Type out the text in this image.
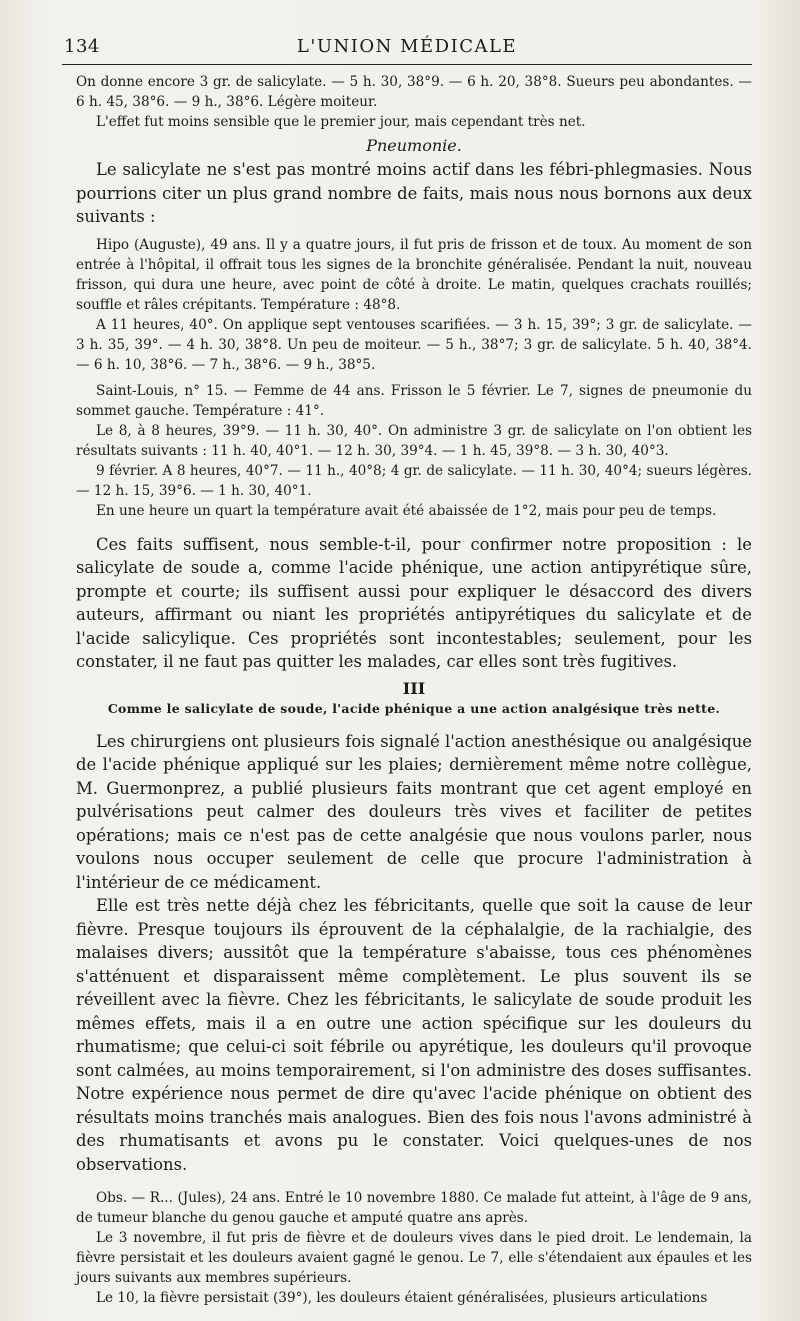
134	L'UNION MÉDICALE

On donne encore 3 gr. de salicylate. — 5 h. 30, 38°9. — 6 h. 20, 38°8. Sueurs peu abondantes. — 6 h. 45, 38°6. — 9 h., 38°6. Légère moiteur.

L'effet fut moins sensible que le premier jour, mais cependant très net.

Pneumonie.

Le salicylate ne s'est pas montré moins actif dans les fébri-phlegmasies. Nous pourrions citer un plus grand nombre de faits, mais nous nous bornons aux deux suivants :

Hipo (Auguste), 49 ans. Il y a quatre jours, il fut pris de frisson et de toux. Au moment de son entrée à l'hôpital, il offrait tous les signes de la bronchite généralisée. Pendant la nuit, nouveau frisson, qui dura une heure, avec point de côté à droite. Le matin, quelques crachats rouillés; souffle et râles crépitants. Température : 48°8.

A 11 heures, 40°. On applique sept ventouses scarifiées. — 3 h. 15, 39°; 3 gr. de salicylate. — 3 h. 35, 39°. — 4 h. 30, 38°8. Un peu de moiteur. — 5 h., 38°7; 3 gr. de salicylate. 5 h. 40, 38°4. — 6 h. 10, 38°6. — 7 h., 38°6. — 9 h., 38°5.

Saint-Louis, n° 15. — Femme de 44 ans. Frisson le 5 février. Le 7, signes de pneumonie du sommet gauche. Température : 41°.

Le 8, à 8 heures, 39°9. — 11 h. 30, 40°. On administre 3 gr. de salicylate on l'on obtient les résultats suivants : 11 h. 40, 40°1. — 12 h. 30, 39°4. — 1 h. 45, 39°8. — 3 h. 30, 40°3.

9 février. A 8 heures, 40°7. — 11 h., 40°8; 4 gr. de salicylate. — 11 h. 30, 40°4; sueurs légères. — 12 h. 15, 39°6. — 1 h. 30, 40°1.

En une heure un quart la température avait été abaissée de 1°2, mais pour peu de temps.

Ces faits suffisent, nous semble-t-il, pour confirmer notre proposition : le salicylate de soude a, comme l'acide phénique, une action antipyrétique sûre, prompte et courte; ils suffisent aussi pour expliquer le désaccord des divers auteurs, affirmant ou niant les propriétés antipyrétiques du salicylate et de l'acide salicylique. Ces propriétés sont incontestables; seulement, pour les constater, il ne faut pas quitter les malades, car elles sont très fugitives.

III

Comme le salicylate de soude, l'acide phénique a une action analgésique très nette.

Les chirurgiens ont plusieurs fois signalé l'action anesthésique ou analgésique de l'acide phénique appliqué sur les plaies; dernièrement même notre collègue, M. Guermonprez, a publié plusieurs faits montrant que cet agent employé en pulvérisations peut calmer des douleurs très vives et faciliter de petites opérations; mais ce n'est pas de cette analgésie que nous voulons parler, nous voulons nous occuper seulement de celle que procure l'administration à l'intérieur de ce médicament.

Elle est très nette déjà chez les fébricitants, quelle que soit la cause de leur fièvre. Presque toujours ils éprouvent de la céphalalgie, de la rachialgie, des malaises divers; aussitôt que la température s'abaisse, tous ces phénomènes s'atténuent et disparaissent même complètement. Le plus souvent ils se réveillent avec la fièvre. Chez les fébricitants, le salicylate de soude produit les mêmes effets, mais il a en outre une action spécifique sur les douleurs du rhumatisme; que celui-ci soit fébrile ou apyrétique, les douleurs qu'il provoque sont calmées, au moins temporairement, si l'on administre des doses suffisantes. Notre expérience nous permet de dire qu'avec l'acide phénique on obtient des résultats moins tranchés mais analogues. Bien des fois nous l'avons administré à des rhumatisants et avons pu le constater. Voici quelques-unes de nos observations.

Obs. — R... (Jules), 24 ans. Entré le 10 novembre 1880. Ce malade fut atteint, à l'âge de 9 ans, de tumeur blanche du genou gauche et amputé quatre ans après.

Le 3 novembre, il fut pris de fièvre et de douleurs vives dans le pied droit. Le lendemain, la fièvre persistait et les douleurs avaient gagné le genou. Le 7, elle s'étendaient aux épaules et les jours suivants aux membres supérieurs.

Le 10, la fièvre persistait (39°), les douleurs étaient généralisées, plusieurs articulations
